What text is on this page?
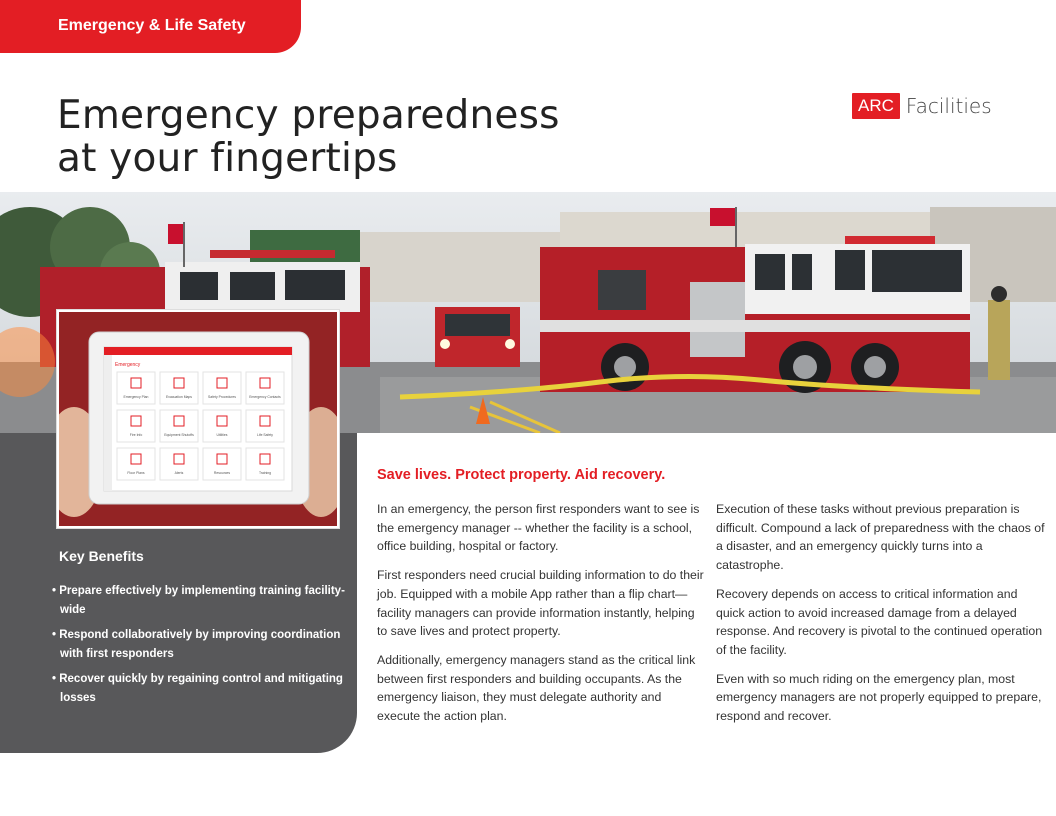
Emergency & Life Safety
Emergency preparedness
at your fingertips
ARC Facilities
Emergency
Emergency Plan	Evacuation Maps	Safety Procedures	Emergency Contacts
Fire Info	Equipment Shutoffs	Utilities	Life Safety
Floor Plans	Alerts	Resources	Training
Key Benefits
• Prepare effectively by implementing training facility-wide
• Respond collaboratively by improving coordination with first responders
• Recover quickly by regaining control and mitigating losses
Save lives. Protect property. Aid recovery.

In an emergency, the person first responders want to see is the emergency manager -- whether the facility is a school, office building, hospital or factory.

First responders need crucial building information to do their job. Equipped with a mobile App rather than a flip chart—facility managers can provide information instantly, helping to save lives and protect property.

Additionally, emergency managers stand as the critical link between first responders and building occupants. As the emergency liaison, they must delegate authority and execute the action plan.

Execution of these tasks without previous preparation is difficult. Compound a lack of preparedness with the chaos of a disaster, and an emergency quickly turns into a catastrophe.

Recovery depends on access to critical information and quick action to avoid increased damage from a delayed response. And recovery is pivotal to the continued operation of the facility.

Even with so much riding on the emergency plan, most emergency managers are not properly equipped to prepare, respond and recover.
